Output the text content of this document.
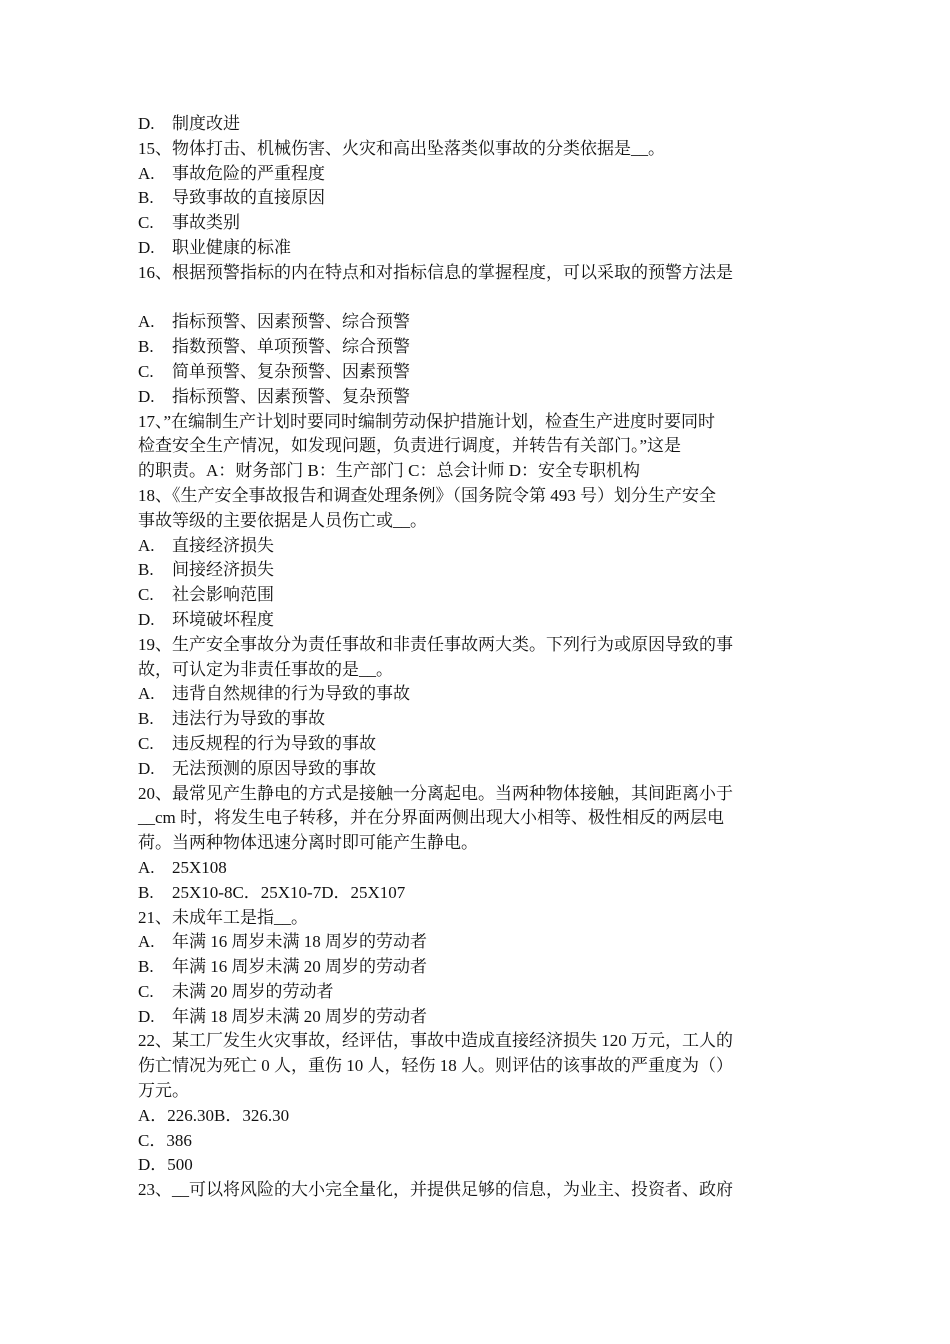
D. 制度改进
15、物体打击、机械伤害、火灾和高出坠落类似事故的分类依据是__。
A. 事故危险的严重程度
B. 导致事故的直接原因
C. 事故类别
D. 职业健康的标准
16、根据预警指标的内在特点和对指标信息的掌握程度，可以采取的预警方法是
A. 指标预警、因素预警、综合预警
B. 指数预警、单项预警、综合预警
C. 简单预警、复杂预警、因素预警
D. 指标预警、因素预警、复杂预警
17、”在编制生产计划时要同时编制劳动保护措施计划，检查生产进度时要同时
检查安全生产情况，如发现问题，负责进行调度，并转告有关部门。”这是
的职责。A：财务部门 B：生产部门 C：总会计师 D：安全专职机构
18、《生产安全事故报告和调查处理条例》（国务院令第 493 号）划分生产安全
事故等级的主要依据是人员伤亡或__。
A. 直接经济损失
B. 间接经济损失
C. 社会影响范围
D. 环境破坏程度
19、生产安全事故分为责任事故和非责任事故两大类。下列行为或原因导致的事
故，可认定为非责任事故的是__。
A. 违背自然规律的行为导致的事故
B. 违法行为导致的事故
C. 违反规程的行为导致的事故
D. 无法预测的原因导致的事故
20、最常见产生静电的方式是接触一分离起电。当两种物体接触，其间距离小于
__cm 时，将发生电子转移，并在分界面两侧出现大小相等、极性相反的两层电
荷。当两种物体迅速分离时即可能产生静电。
A. 25X108
B. 25X10-8C．25X10-7D．25X107
21、未成年工是指__。
A. 年满 16 周岁未满 18 周岁的劳动者
B. 年满 16 周岁未满 20 周岁的劳动者
C. 未满 20 周岁的劳动者
D. 年满 18 周岁未满 20 周岁的劳动者
22、某工厂发生火灾事故，经评估，事故中造成直接经济损失 120 万元，工人的
伤亡情况为死亡 0 人，重伤 10 人，轻伤 18 人。则评估的该事故的严重度为（）
万元。
A．226.30B．326.30
C．386
D．500
23、__可以将风险的大小完全量化，并提供足够的信息，为业主、投资者、政府
